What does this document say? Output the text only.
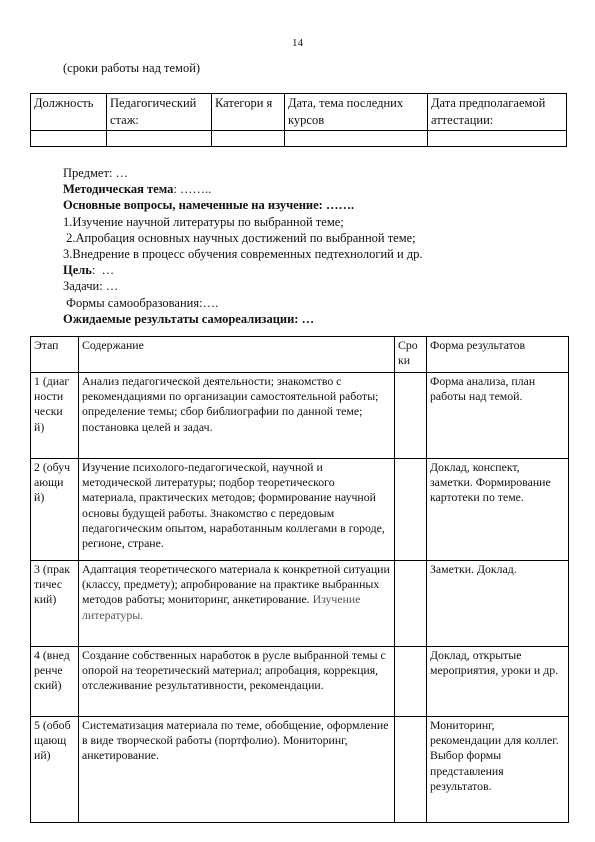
14
(сроки работы над темой)
Должность	Педагогический стаж:	Категори я	Дата, тема последних курсов	Дата предполагаемой аттестации:

Предмет: …
Методическая тема: ……..
Основные вопросы, намеченные на изучение: …….
1.Изучение научной литературы по выбранной теме;
2.Апробация основных научных достижений по выбранной теме;
3.Внедрение в процесс обучения современных педтехнологий и др.
Цель:  …
Задачи: …
Формы самообразования:….
Ожидаемые результаты самореализации: …
Этап	Содержание	Сро ки	Форма результатов
1 (диаг ности чески й)	Анализ педагогической деятельности; знакомство с рекомендациями по организации самостоятельной работы; определение темы; сбор библиографии по данной теме; постановка целей и задач.		Форма анализа, план работы над темой.
2 (обуч ающи й)	Изучение психолого-педагогической, научной и методической литературы; подбор теоретического материала, практических методов; формирование научной основы будущей работы. Знакомство с передовым педагогическим опытом, наработанным коллегами в городе, регионе, стране.		Доклад, конспект, заметки. Формирование картотеки по теме.
3 (прак тичес кий)	Адаптация теоретического материала к конкретной ситуации (классу, предмету); апробирование на практике выбранных методов работы; мониторинг, анкетирование. Изучение литературы.		Заметки. Доклад.
4 (внед ренче ский)	Создание собственных наработок в русле выбранной темы с опорой на теоретический материал; апробация, коррекция, отслеживание результативности, рекомендации.		Доклад, открытые мероприятия, уроки и др.
5 (обоб щающ ий)	Систематизация материала по теме, обобщение, оформление в виде творческой работы (портфолио). Мониторинг, анкетирование.		Мониторинг, рекомендации для коллег. Выбор формы представления результатов.
